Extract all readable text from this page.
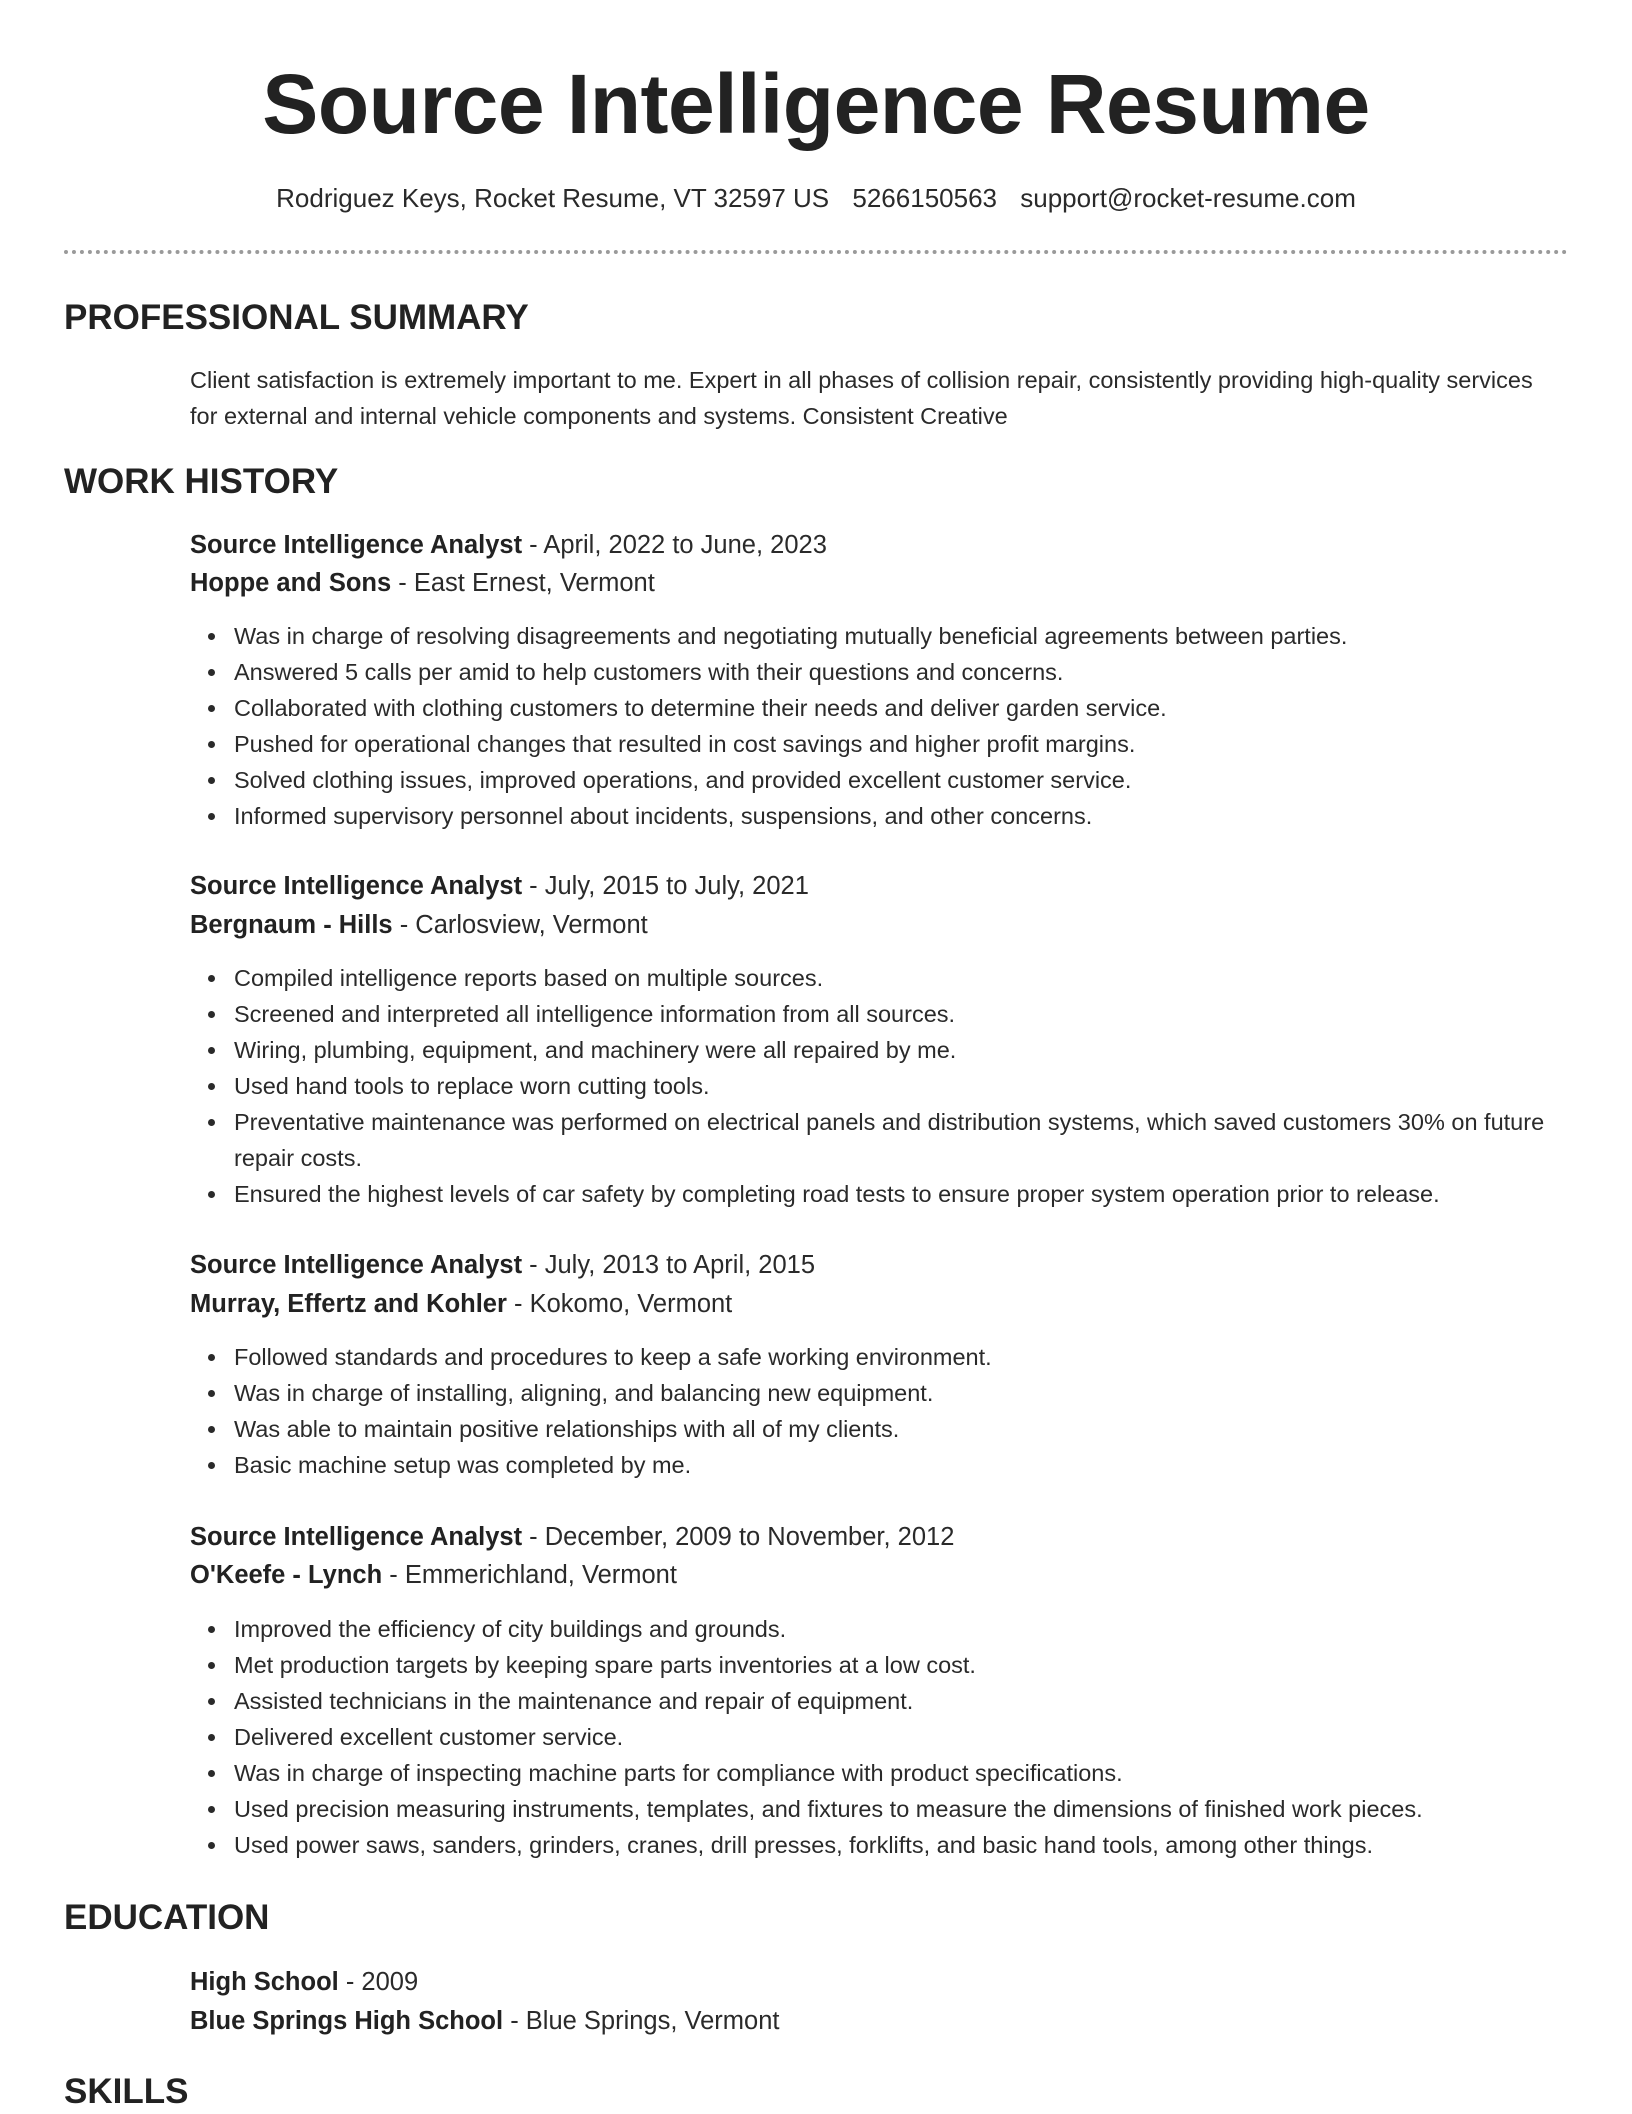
Source Intelligence Resume
Rodriguez Keys, Rocket Resume, VT 32597 US 5266150563 support@rocket-resume.com
PROFESSIONAL SUMMARY
Client satisfaction is extremely important to me. Expert in all phases of collision repair, consistently providing high-quality services for external and internal vehicle components and systems. Consistent Creative
WORK HISTORY
Source Intelligence Analyst - April, 2022 to June, 2023
Hoppe and Sons - East Ernest, Vermont
Was in charge of resolving disagreements and negotiating mutually beneficial agreements between parties.
Answered 5 calls per amid to help customers with their questions and concerns.
Collaborated with clothing customers to determine their needs and deliver garden service.
Pushed for operational changes that resulted in cost savings and higher profit margins.
Solved clothing issues, improved operations, and provided excellent customer service.
Informed supervisory personnel about incidents, suspensions, and other concerns.
Source Intelligence Analyst - July, 2015 to July, 2021
Bergnaum - Hills - Carlosview, Vermont
Compiled intelligence reports based on multiple sources.
Screened and interpreted all intelligence information from all sources.
Wiring, plumbing, equipment, and machinery were all repaired by me.
Used hand tools to replace worn cutting tools.
Preventative maintenance was performed on electrical panels and distribution systems, which saved customers 30% on future repair costs.
Ensured the highest levels of car safety by completing road tests to ensure proper system operation prior to release.
Source Intelligence Analyst - July, 2013 to April, 2015
Murray, Effertz and Kohler - Kokomo, Vermont
Followed standards and procedures to keep a safe working environment.
Was in charge of installing, aligning, and balancing new equipment.
Was able to maintain positive relationships with all of my clients.
Basic machine setup was completed by me.
Source Intelligence Analyst - December, 2009 to November, 2012
O'Keefe - Lynch - Emmerichland, Vermont
Improved the efficiency of city buildings and grounds.
Met production targets by keeping spare parts inventories at a low cost.
Assisted technicians in the maintenance and repair of equipment.
Delivered excellent customer service.
Was in charge of inspecting machine parts for compliance with product specifications.
Used precision measuring instruments, templates, and fixtures to measure the dimensions of finished work pieces.
Used power saws, sanders, grinders, cranes, drill presses, forklifts, and basic hand tools, among other things.
EDUCATION
High School - 2009
Blue Springs High School - Blue Springs, Vermont
SKILLS
